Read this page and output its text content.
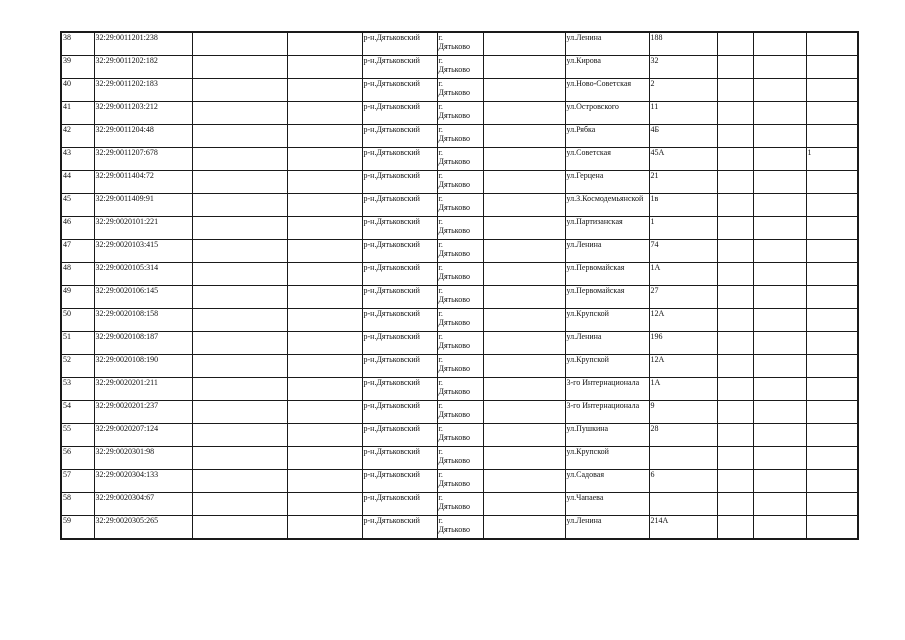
38	32:29:0011201:238			р-н.Дятьковский	г.
Дятьково		ул.Ленина	188			
39	32:29:0011202:182			р-н.Дятьковский	г.
Дятьково		ул.Кирова	32			
40	32:29:0011202:183			р-н.Дятьковский	г.
Дятьково		ул.Ново-Советская	2			
41	32:29:0011203:212			р-н.Дятьковский	г.
Дятьково		ул.Островского	11			
42	32:29:0011204:48			р-н.Дятьковский	г.
Дятьково		ул.Рябка	4Б			
43	32:29:0011207:678			р-н.Дятьковский	г.
Дятьково		ул.Советская	45А			1
44	32:29:0011404:72			р-н.Дятьковский	г.
Дятьково		ул.Герцена	21			
45	32:29:0011409:91			р-н.Дятьковский	г.
Дятьково		ул.З.Космодемьянской	1в			
46	32:29:0020101:221			р-н.Дятьковский	г.
Дятьково		ул.Партизанская	1			
47	32:29:0020103:415			р-н.Дятьковский	г.
Дятьково		ул.Ленина	74			
48	32:29:0020105:314			р-н.Дятьковский	г.
Дятьково		ул.Первомайская	1А			
49	32:29:0020106:145			р-н.Дятьковский	г.
Дятьково		ул.Первомайская	27			
50	32:29:0020108:158			р-н.Дятьковский	г.
Дятьково		ул.Крупской	12А			
51	32:29:0020108:187			р-н.Дятьковский	г.
Дятьково		ул.Ленина	196			
52	32:29:0020108:190			р-н.Дятьковский	г.
Дятьково		ул.Крупской	12А			
53	32:29:0020201:211			р-н.Дятьковский	г.
Дятьково		3-го Интернационала	1А			
54	32:29:0020201:237			р-н.Дятьковский	г.
Дятьково		3-го Интернационала	9			
55	32:29:0020207:124			р-н.Дятьковский	г.
Дятьково		ул.Пушкина	28			
56	32:29:0020301:98			р-н.Дятьковский	г.
Дятьково		ул.Крупской				
57	32:29:0020304:133			р-н.Дятьковский	г.
Дятьково		ул.Садовая	6			
58	32:29:0020304:67			р-н.Дятьковский	г.
Дятьково		ул.Чапаева				
59	32:29:0020305:265			р-н.Дятьковский	г.
Дятьково		ул.Ленина	214А			
